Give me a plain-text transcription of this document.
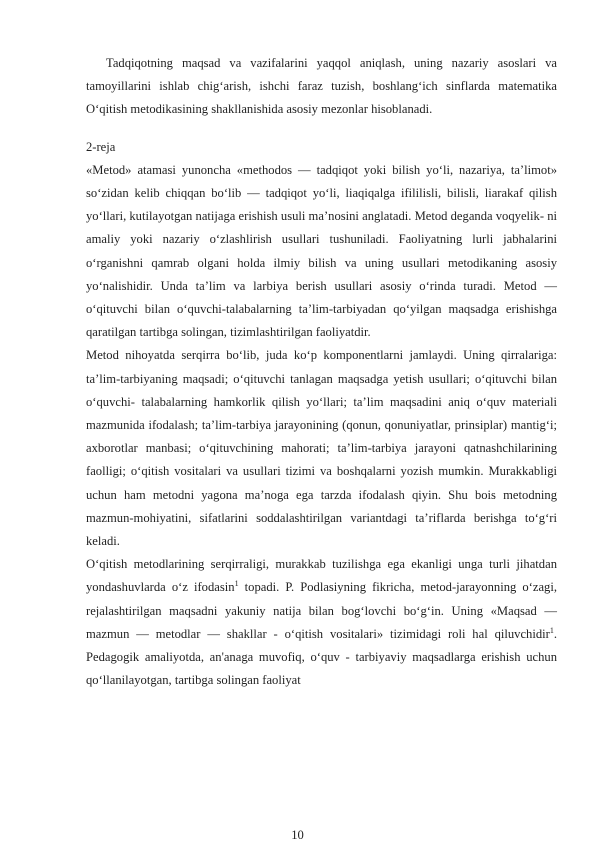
Tadqiqotning maqsad va vazifalarini yaqqol aniqlash, uning nazariy asoslari va tamoyillarini ishlab chig‘arish, ishchi faraz tuzish, boshlang‘ich sinflarda matematika O‘qitish metodikasining shakllanishida asosiy mezonlar hisoblanadi.

2-reja

«Metod» atamasi yunoncha «methodos — tadqiqot yoki bilish yo‘li, nazariya, ta’limot» so‘zidan kelib chiqqan bo‘lib — tadqiqot yo‘li, liaqiqalga ifililisli, bilisli, liarakaf qilish yo‘llari, kutilayotgan natijaga erishish usuli ma’nosini anglatadi. Metod deganda voqyelik- ni amaliy yoki nazariy o‘zlashlirish usullari tushuniladi. Faoliyatning lurli jabhalarini o‘rganishni qamrab olgani holda ilmiy bilish va uning usullari metodikaning asosiy yo‘nalishidir. Unda ta’lim va larbiya berish usullari asosiy o‘rinda turadi. Metod — o‘qituvchi bilan o‘quvchi-talabalarning ta’lim-tarbiyadan qo‘yilgan maqsadga erishishga qaratilgan tartibga solingan, tizimlashtirilgan faoliyatdir.

Metod nihoyatda serqirra bo‘lib, juda ko‘p komponentlarni jamlaydi. Uning qirralariga: ta’lim-tarbiyaning maqsadi; o‘qituvchi tanlagan maqsadga yetish usullari; o‘qituvchi bilan o‘quvchi- talabalarning hamkorlik qilish yo‘llari; ta’lim maqsadini aniq o‘quv materiali mazmunida ifodalash; ta’lim-tarbiya jarayonining (qonun, qonuniyatlar, prinsiplar) mantig‘i; axborotlar manbasi; o‘qituvchining mahorati; ta’lim-tarbiya jarayoni qatnashchilarining faolligi; o‘qitish vositalari va usullari tizimi va boshqalarni yozish mumkin. Murakkabligi uchun ham metodni yagona ma’noga ega tarzda ifodalash qiyin. Shu bois metodning mazmun-mohiyatini, sifatlarini soddalashtirilgan variantdagi ta’riflarda berishga to‘g‘ri keladi.

O‘qitish metodlarining serqirraligi, murakkab tuzilishga ega ekanligi unga turli jihatdan yondashuvlarda o‘z ifodasin$^1$ topadi. P. Podlasiyning fikricha, metod-jarayonning o‘zagi, rejalashtirilgan maqsadni yakuniy natija bilan bog‘lovchi bo‘g‘in. Uning «Maqsad — mazmun — metodlar — shakllar - o‘qitish vositalari» tizimidagi roli hal qiluvchidir$^1$. Pedagogik amaliyotda, an'anaga muvofiq, o‘quv - tarbiyaviy maqsadlarga erishish uchun qo‘llanilayotgan, tartibga solingan faoliyat

10
